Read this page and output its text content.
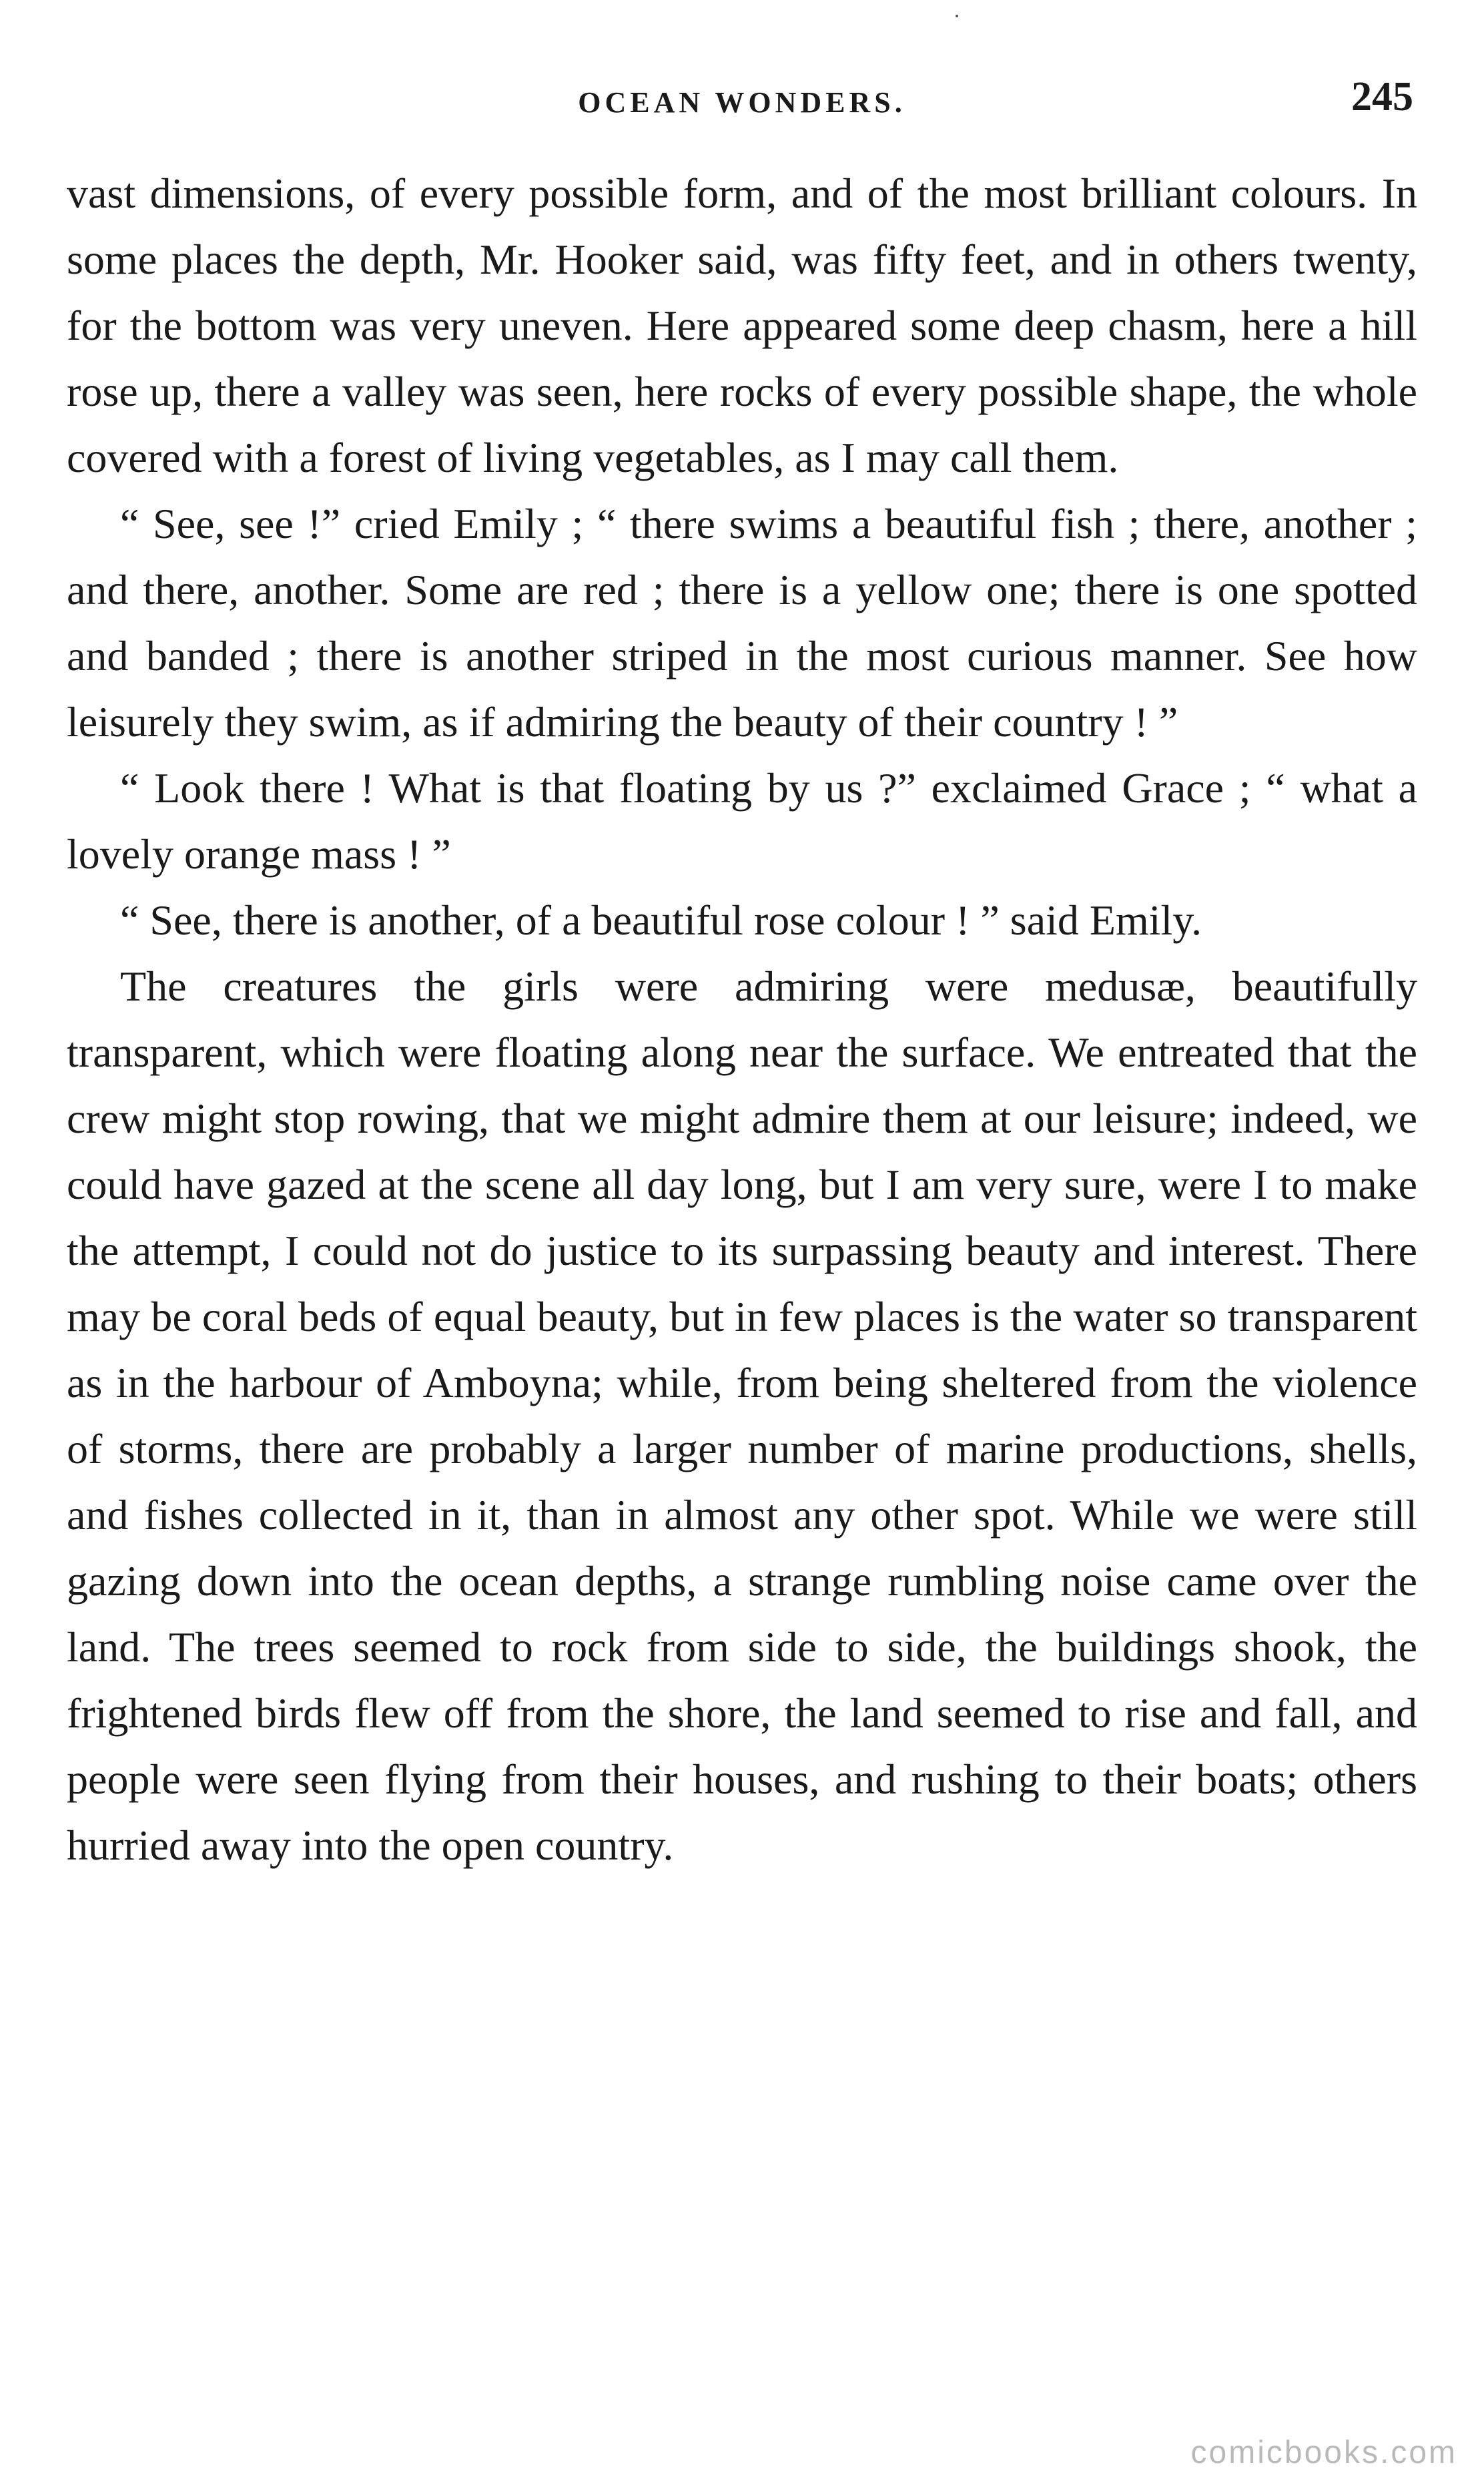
OCEAN WONDERS.	245

vast dimensions, of every possible form, and of the most brilliant colours. In some places the depth, Mr. Hooker said, was fifty feet, and in others twenty, for the bottom was very uneven. Here appeared some deep chasm, here a hill rose up, there a valley was seen, here rocks of every possible shape, the whole covered with a forest of living vegetables, as I may call them.

“ See, see !” cried Emily ; “ there swims a beautiful fish ; there, another ; and there, another. Some are red ; there is a yellow one; there is one spotted and banded ; there is another striped in the most curious manner. See how leisurely they swim, as if admiring the beauty of their country ! ”

“ Look there ! What is that floating by us ?” exclaimed Grace ; “ what a lovely orange mass ! ”

“ See, there is another, of a beautiful rose colour ! ” said Emily.

The creatures the girls were admiring were medusæ, beautifully transparent, which were floating along near the surface. We entreated that the crew might stop rowing, that we might admire them at our leisure; indeed, we could have gazed at the scene all day long, but I am very sure, were I to make the attempt, I could not do justice to its surpassing beauty and interest. There may be coral beds of equal beauty, but in few places is the water so transparent as in the harbour of Amboyna; while, from being sheltered from the violence of storms, there are probably a larger number of marine productions, shells, and fishes collected in it, than in almost any other spot. While we were still gazing down into the ocean depths, a strange rumbling noise came over the land. The trees seemed to rock from side to side, the buildings shook, the frightened birds flew off from the shore, the land seemed to rise and fall, and people were seen flying from their houses, and rushing to their boats; others hurried away into the open country.

comicbooks.com
